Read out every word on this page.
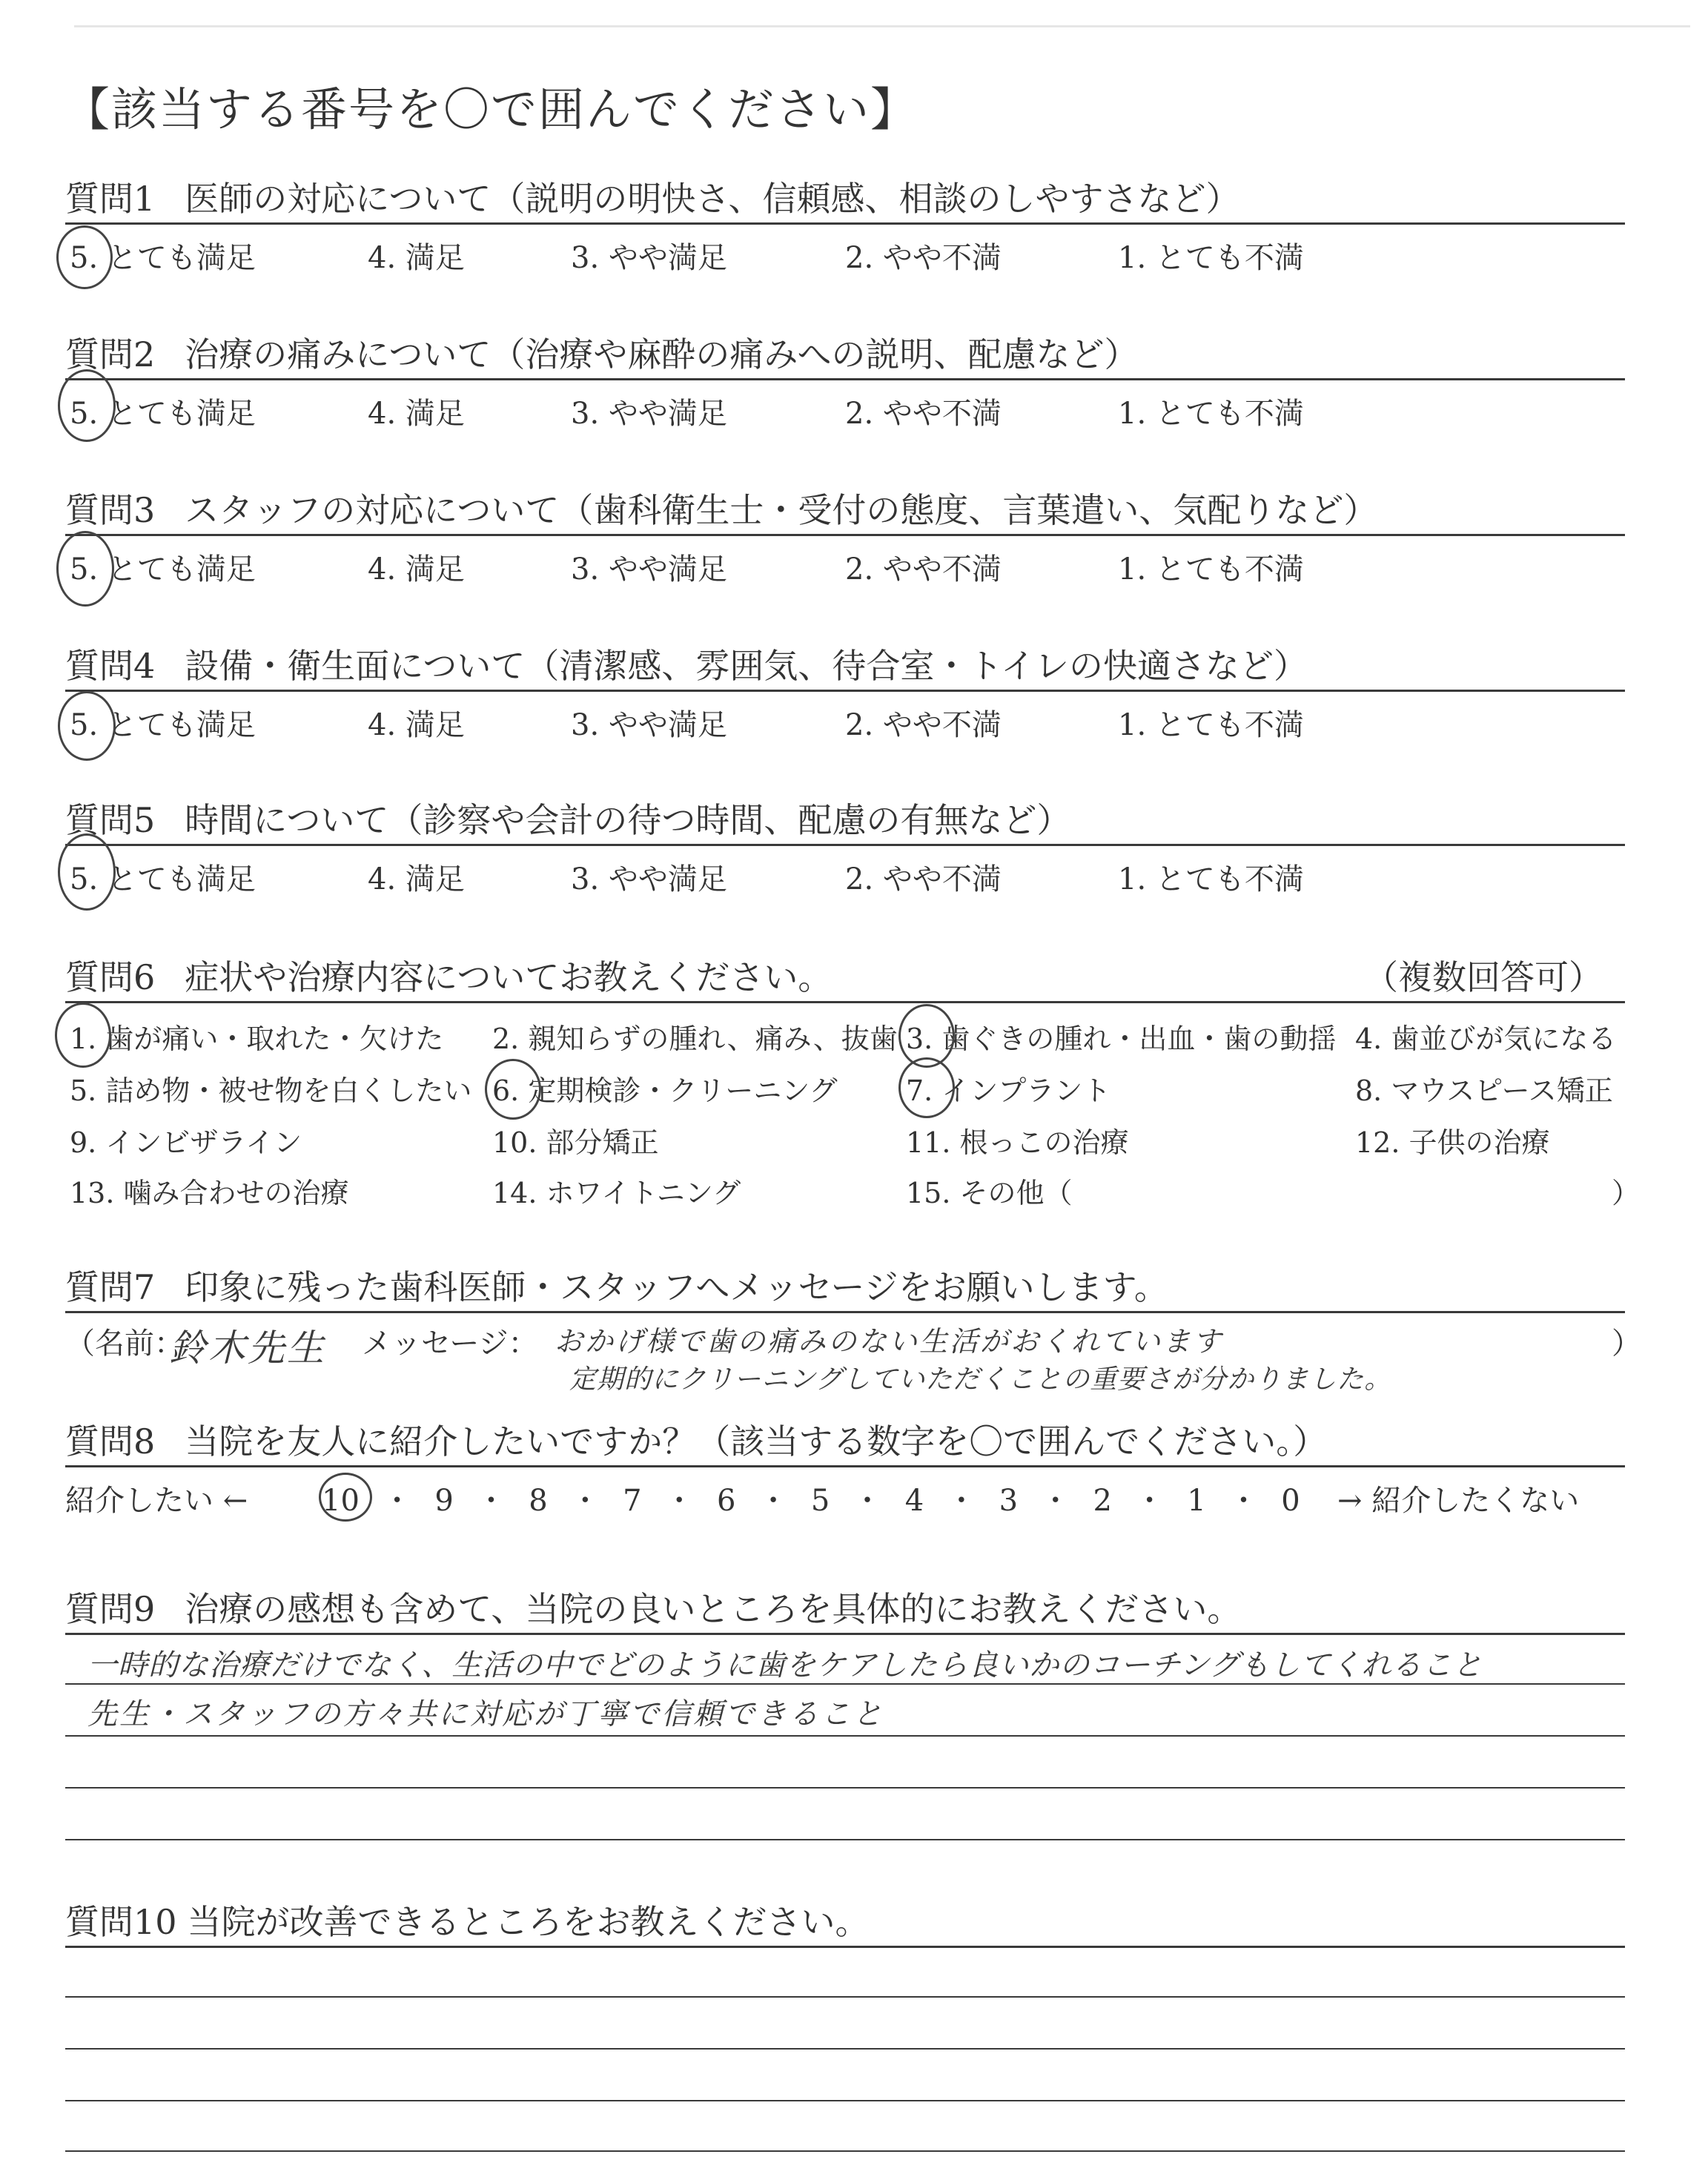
【該当する番号を〇で囲んでください】
質問1 医師の対応について（説明の明快さ、信頼感、相談のしやすさなど）
5. とても満足	4. 満足	3. やや満足	2. やや不満	1. とても不満
質問2 治療の痛みについて（治療や麻酔の痛みへの説明、配慮など）
5. とても満足	4. 満足	3. やや満足	2. やや不満	1. とても不満
質問3 スタッフの対応について（歯科衛生士・受付の態度、言葉遣い、気配りなど）
5. とても満足	4. 満足	3. やや満足	2. やや不満	1. とても不満
質問4 設備・衛生面について（清潔感、雰囲気、待合室・トイレの快適さなど）
5. とても満足	4. 満足	3. やや満足	2. やや不満	1. とても不満
質問5 時間について（診察や会計の待つ時間、配慮の有無など）
5. とても満足	4. 満足	3. やや満足	2. やや不満	1. とても不満
質問6 症状や治療内容についてお教えください。	（複数回答可）
1. 歯が痛い・取れた・欠けた 2. 親知らずの腫れ、痛み、抜歯 3. 歯ぐきの腫れ・出血・歯の動揺 4. 歯並びが気になる
5. 詰め物・被せ物を白くしたい 6. 定期検診・クリーニング 7. インプラント	8. マウスピース矯正
9. インビザライン	10. 部分矯正	11. 根っこの治療	12. 子供の治療
13. 噛み合わせの治療	14. ホワイトニング	15. その他（	）
質問7 印象に残った歯科医師・スタッフへメッセージをお願いします。
（名前：
鈴木先生 メッセージ： おかげ様で歯の痛みのない生活がおくれています
定期的にクリーニングしていただくことの重要さが分かりました。
）
質問8 当院を友人に紹介したいですか？（該当する数字を〇で囲んでください。）
紹介したい ← 10 ・ 9 ・ 8 ・ 7 ・ 6 ・ 5 ・ 4 ・ 3 ・ 2 ・ 1 ・ 0 → 紹介したくない
質問9 治療の感想も含めて、当院の良いところを具体的にお教えください。
一時的な治療だけでなく、生活の中でどのように歯をケアしたら良いかのコーチングもしてくれること
先生・スタッフの方々共に対応が丁寧で信頼できること
質問10 当院が改善できるところをお教えください。
